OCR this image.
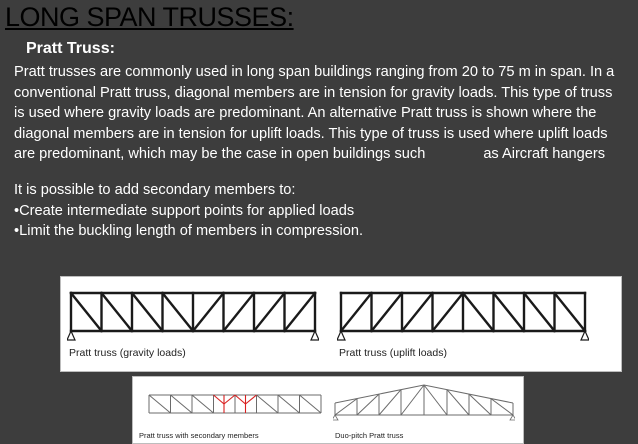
LONG SPAN TRUSSES:
Pratt Truss:
Pratt trusses are commonly used in long span buildings ranging from 20 to 75 m in span. In a
conventional Pratt truss, diagonal members are in tension for gravity loads. This type of truss
is used where gravity loads are predominant. An alternative Pratt truss is shown where the
diagonal members are in tension for uplift loads. This type of truss is used where uplift loads
are predominant, which may be the case in open buildings such	as Aircraft hangers
It is possible to add secondary members to:
•Create intermediate support points for applied loads
•Limit the buckling length of members in compression.
Pratt truss (gravity loads)	Pratt truss (uplift loads)
Pratt truss with secondary members	Duo-pitch Pratt truss
